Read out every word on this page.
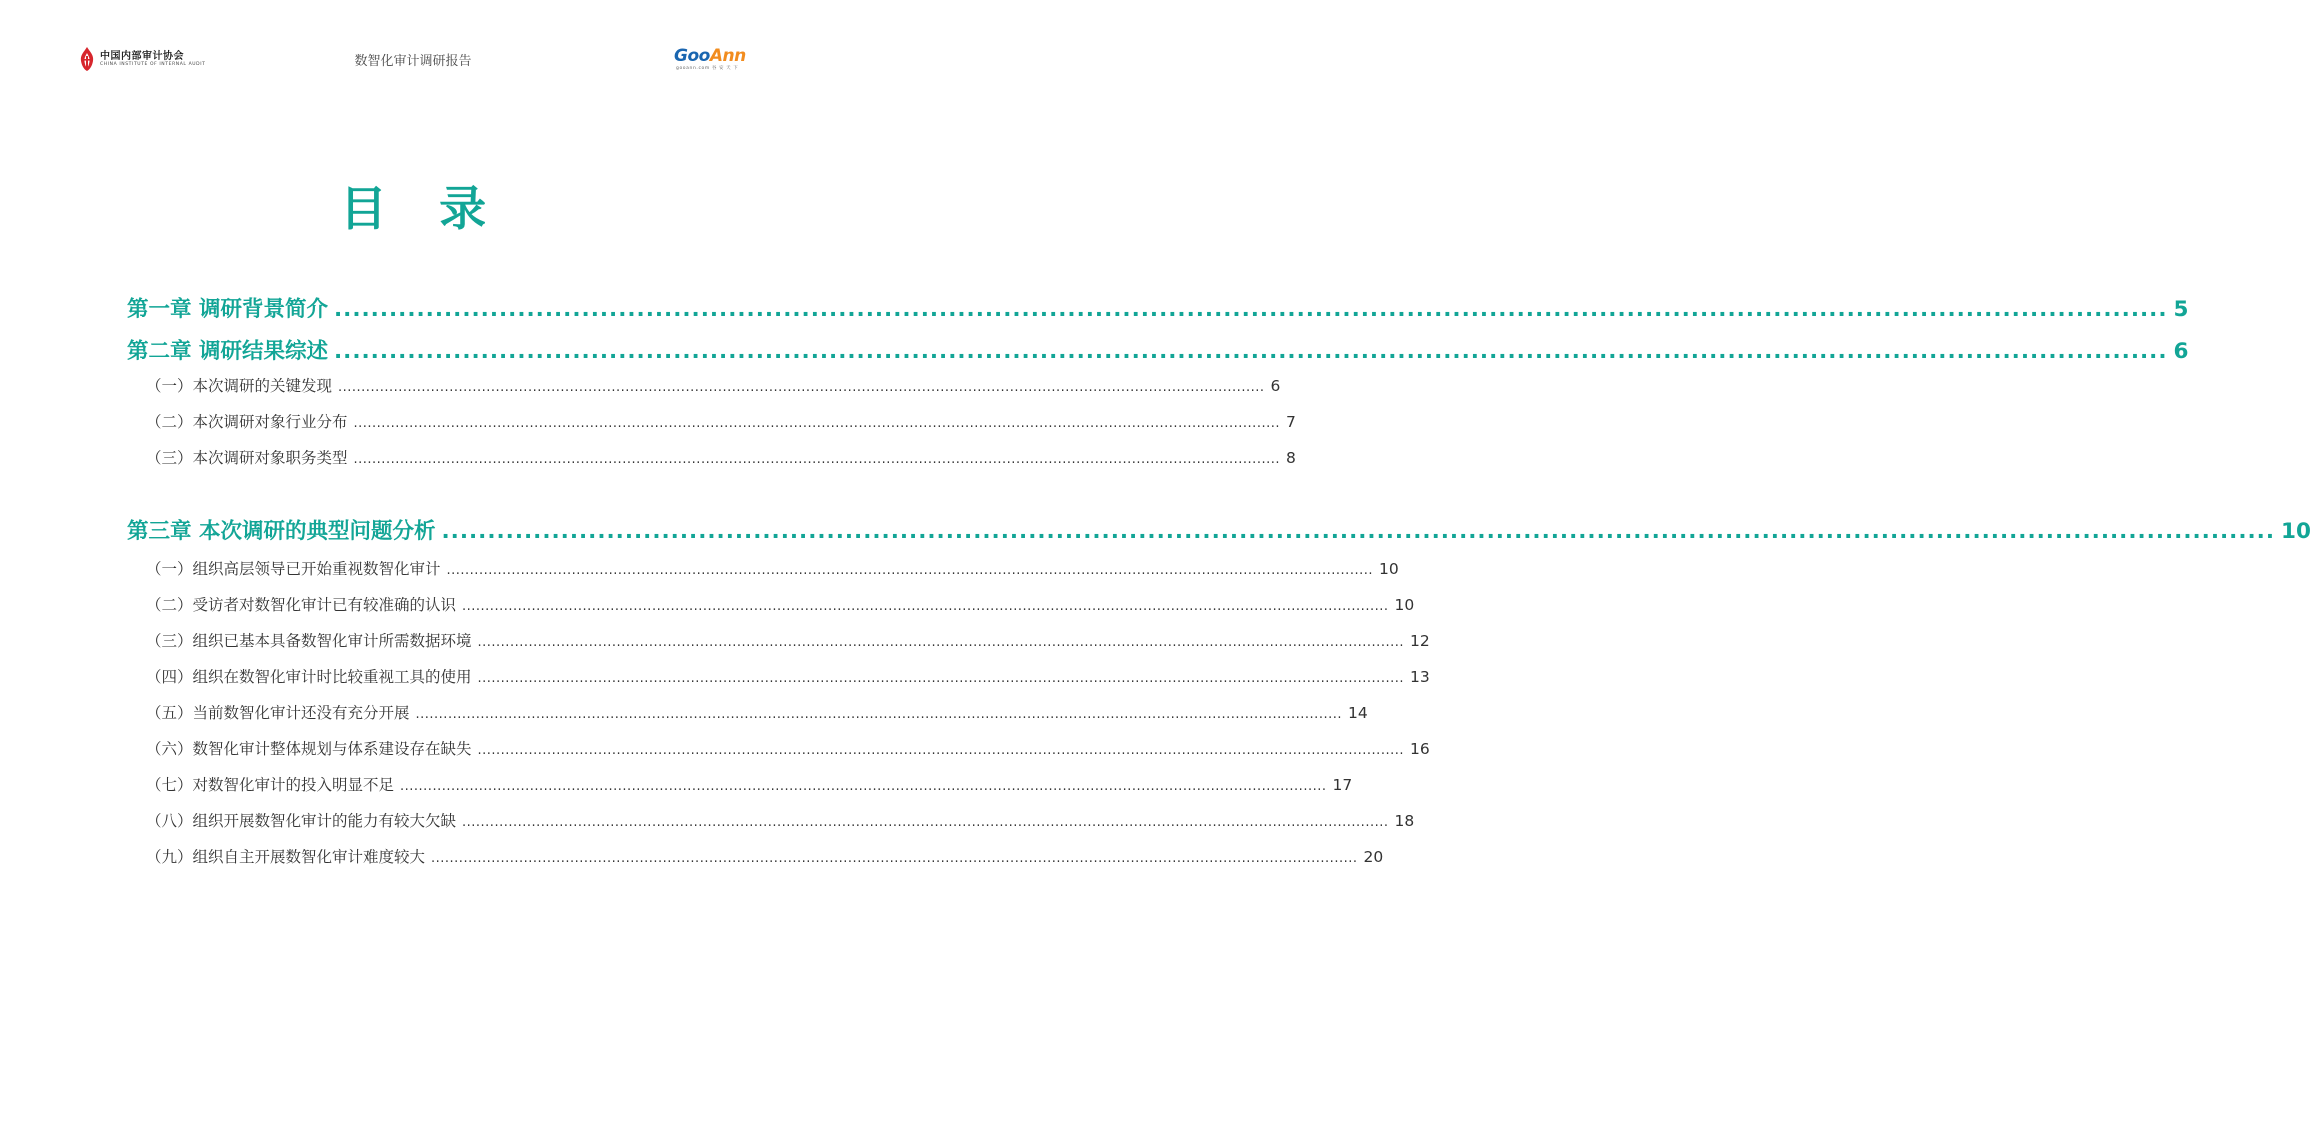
中国内部审计协会
CHINA INSTITUTE OF INTERNAL AUDIT	数智化审计调研报告	GooAnn
gooann.com 谷 安 天 下
目 录
第一章 调研背景简介 ........................................................................................................................................................................................................ 5
第二章 调研结果综述 ........................................................................................................................................................................................................ 6
（一）本次调研的关键发现 ........................................................................................................................................................................................................ 6
（二）本次调研对象行业分布 ........................................................................................................................................................................................................ 7
（三）本次调研对象职务类型 ........................................................................................................................................................................................................ 8
第三章 本次调研的典型问题分析 ........................................................................................................................................................................................................ 10
（一）组织高层领导已开始重视数智化审计 ........................................................................................................................................................................................................ 10
（二）受访者对数智化审计已有较准确的认识 ........................................................................................................................................................................................................ 10
（三）组织已基本具备数智化审计所需数据环境 ........................................................................................................................................................................................................ 12
（四）组织在数智化审计时比较重视工具的使用 ........................................................................................................................................................................................................ 13
（五）当前数智化审计还没有充分开展 ........................................................................................................................................................................................................ 14
（六）数智化审计整体规划与体系建设存在缺失 ........................................................................................................................................................................................................ 16
（七）对数智化审计的投入明显不足 ........................................................................................................................................................................................................ 17
（八）组织开展数智化审计的能力有较大欠缺 ........................................................................................................................................................................................................ 18
（九）组织自主开展数智化审计难度较大 ........................................................................................................................................................................................................ 20
